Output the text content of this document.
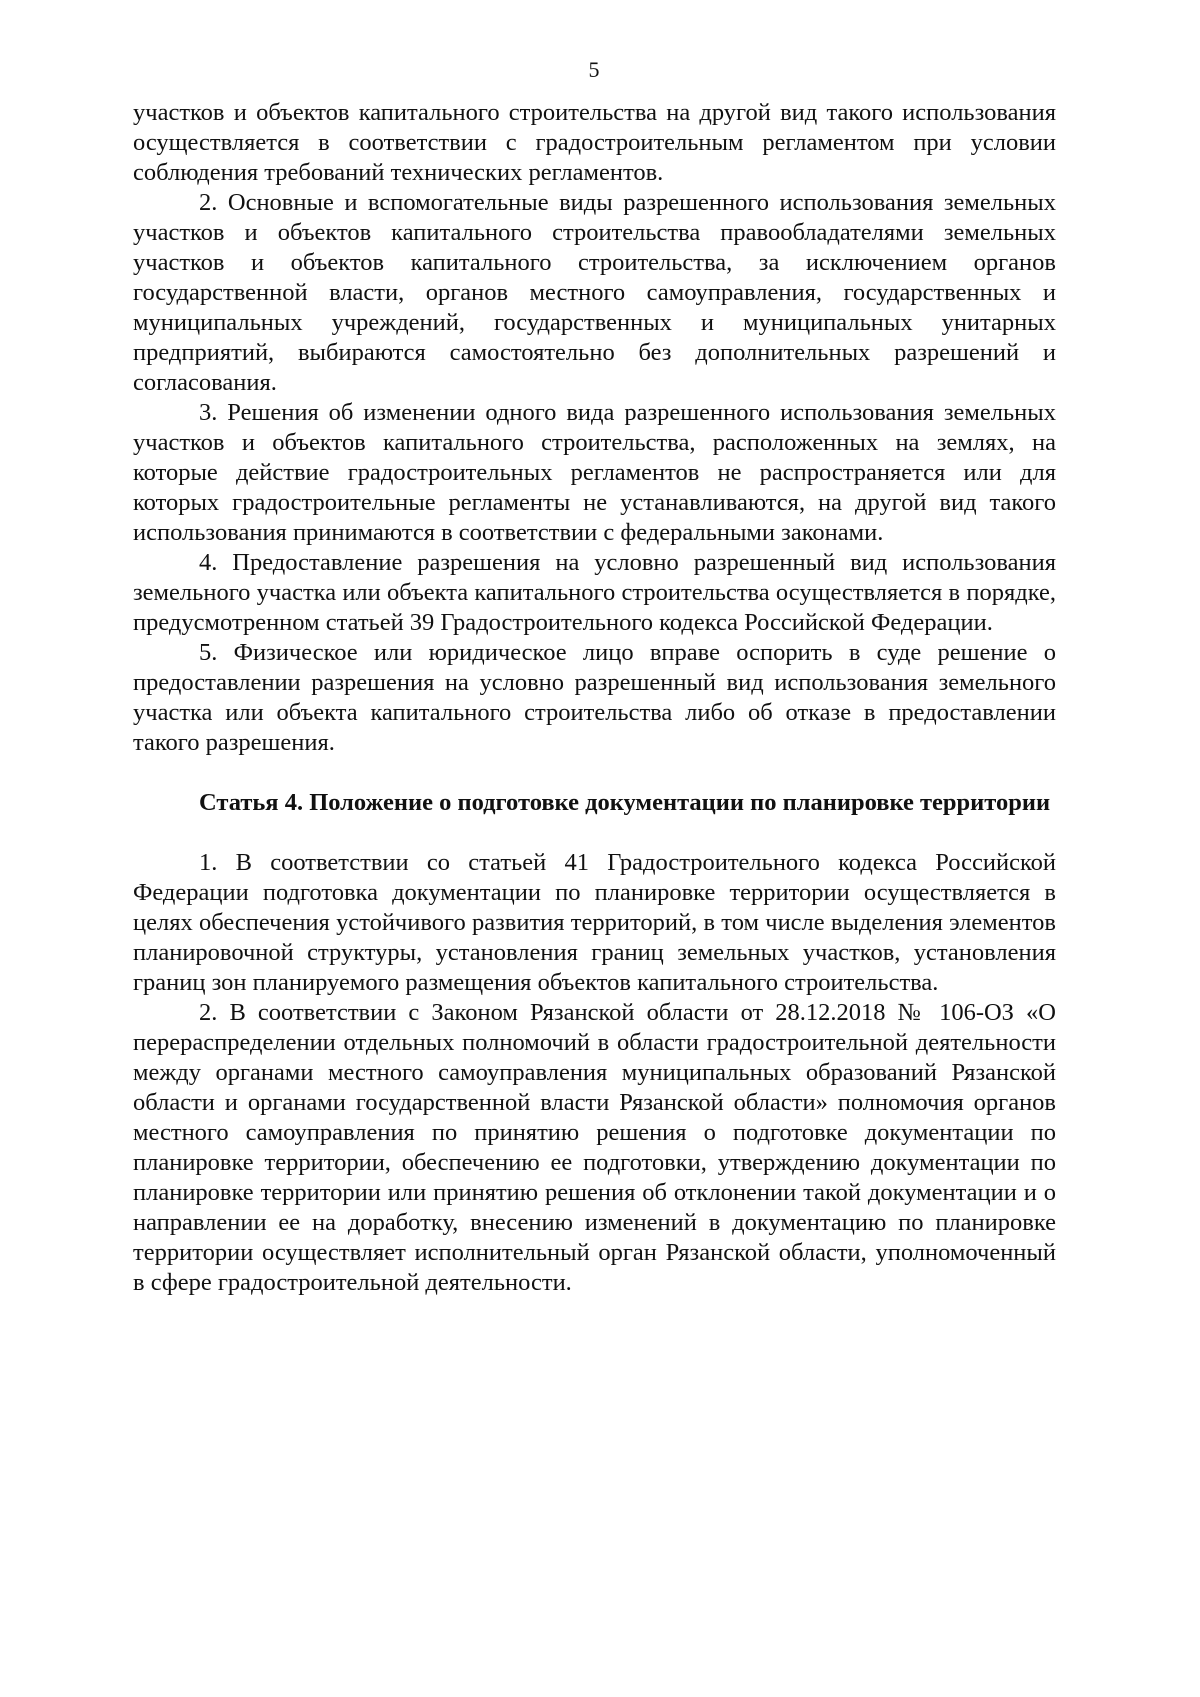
5

участков и объектов капитального строительства на другой вид такого использования осуществляется в соответствии с градостроительным регламентом при условии соблюдения требований технических регламентов.

2. Основные и вспомогательные виды разрешенного использования земельных участков и объектов капитального строительства правообладателями земельных участков и объектов капитального строительства, за исключением органов государственной власти, органов местного самоуправления, государственных и муниципальных учреждений, государственных и муниципальных унитарных предприятий, выбираются самостоятельно без дополнительных разрешений и согласования.

3. Решения об изменении одного вида разрешенного использования земельных участков и объектов капитального строительства, расположенных на землях, на которые действие градостроительных регламентов не распространяется или для которых градостроительные регламенты не устанавливаются, на другой вид такого использования принимаются в соответствии с федеральными законами.

4. Предоставление разрешения на условно разрешенный вид использования земельного участка или объекта капитального строительства осуществляется в порядке, предусмотренном статьей 39 Градостроительного кодекса Российской Федерации.

5. Физическое или юридическое лицо вправе оспорить в суде решение о предоставлении разрешения на условно разрешенный вид использования земельного участка или объекта капитального строительства либо об отказе в предоставлении такого разрешения.

Статья 4. Положение о подготовке документации по планировке территории

1. В соответствии со статьей 41 Градостроительного кодекса Российской Федерации подготовка документации по планировке территории осуществляется в целях обеспечения устойчивого развития территорий, в том числе выделения элементов планировочной структуры, установления границ земельных участков, установления границ зон планируемого размещения объектов капитального строительства.

2. В соответствии с Законом Рязанской области от 28.12.2018 № 106-ОЗ «О перераспределении отдельных полномочий в области градостроительной деятельности между органами местного самоуправления муниципальных образований Рязанской области и органами государственной власти Рязанской области» полномочия органов местного самоуправления по принятию решения о подготовке документации по планировке территории, обеспечению ее подготовки, утверждению документации по планировке территории или принятию решения об отклонении такой документации и о направлении ее на доработку, внесению изменений в документацию по планировке территории осуществляет исполнительный орган Рязанской области, уполномоченный в сфере градостроительной деятельности.
